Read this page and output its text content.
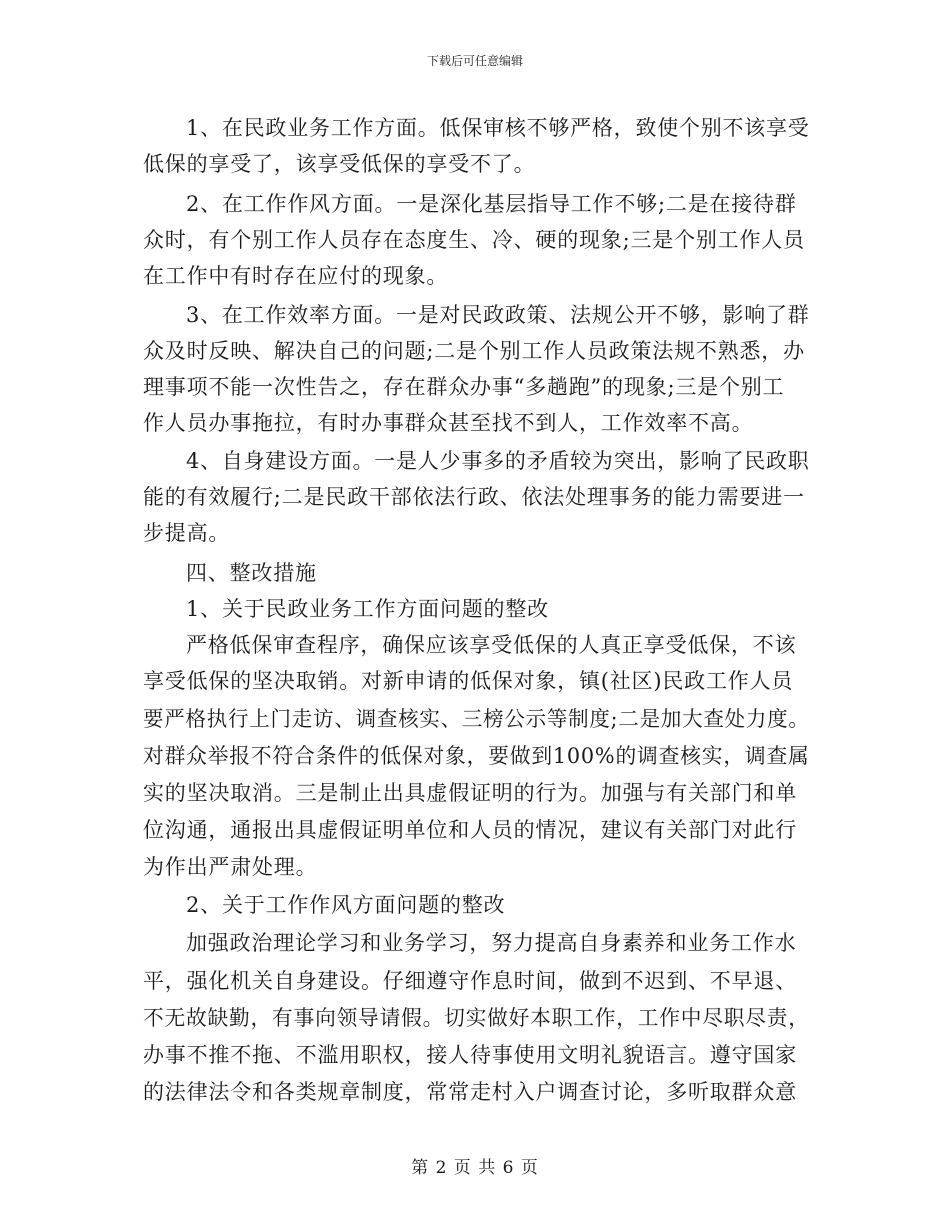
下载后可任意编辑
1、在民政业务工作方面。低保审核不够严格，致使个别不该享受
低保的享受了，该享受低保的享受不了。
2、在工作作风方面。一是深化基层指导工作不够;二是在接待群
众时，有个别工作人员存在态度生、冷、硬的现象;三是个别工作人员
在工作中有时存在应付的现象。
3、在工作效率方面。一是对民政政策、法规公开不够，影响了群
众及时反映、解决自己的问题;二是个别工作人员政策法规不熟悉，办
理事项不能一次性告之，存在群众办事“多趟跑”的现象;三是个别工
作人员办事拖拉，有时办事群众甚至找不到人，工作效率不高。
4、自身建设方面。一是人少事多的矛盾较为突出，影响了民政职
能的有效履行;二是民政干部依法行政、依法处理事务的能力需要进一
步提高。
四、整改措施
1、关于民政业务工作方面问题的整改
严格低保审查程序，确保应该享受低保的人真正享受低保，不该
享受低保的坚决取销。对新申请的低保对象，镇(社区)民政工作人员
要严格执行上门走访、调查核实、三榜公示等制度;二是加大查处力度。
对群众举报不符合条件的低保对象，要做到100%的调查核实，调查属
实的坚决取消。三是制止出具虚假证明的行为。加强与有关部门和单
位沟通，通报出具虚假证明单位和人员的情况，建议有关部门对此行
为作出严肃处理。
2、关于工作作风方面问题的整改
加强政治理论学习和业务学习，努力提高自身素养和业务工作水
平，强化机关自身建设。仔细遵守作息时间，做到不迟到、不早退、
不无故缺勤，有事向领导请假。切实做好本职工作，工作中尽职尽责，
办事不推不拖、不滥用职权，接人待事使用文明礼貌语言。遵守国家
的法律法令和各类规章制度，常常走村入户调查讨论，多听取群众意
第 2 页 共 6 页
